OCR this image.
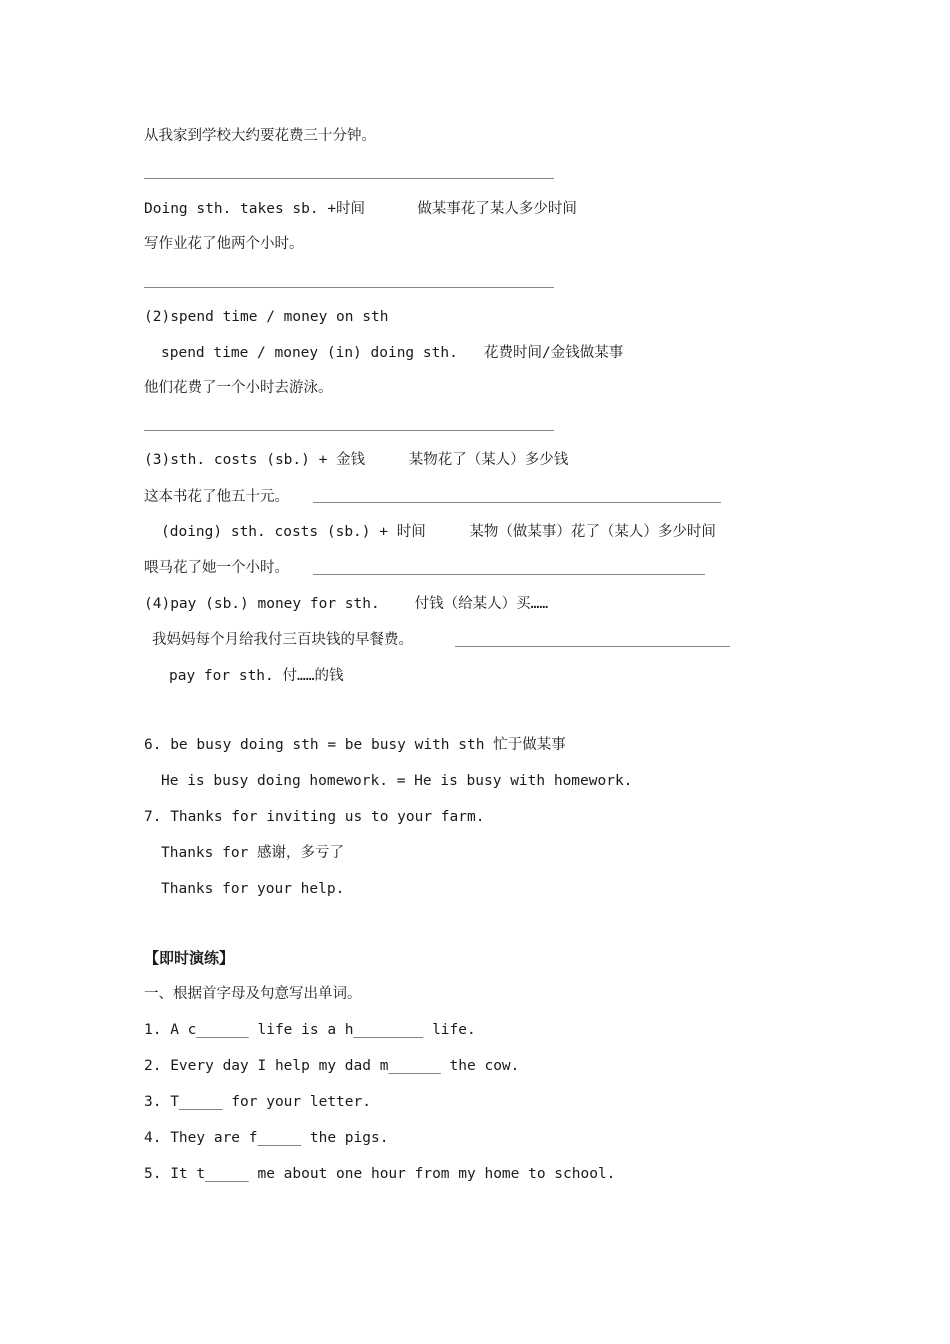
从我家到学校大约要花费三十分钟。
Doing sth. takes sb. +时间      做某事花了某人多少时间
写作业花了他两个小时。
(2)spend time / money on sth
spend time / money (in) doing sth.   花费时间/金钱做某事
他们花费了一个小时去游泳。
(3)sth. costs (sb.) + 金钱     某物花了（某人）多少钱
这本书花了他五十元。
(doing) sth. costs (sb.) + 时间     某物（做某事）花了（某人）多少时间
喂马花了她一个小时。
(4)pay (sb.) money for sth.    付钱（给某人）买……
我妈妈每个月给我付三百块钱的早餐费。
pay for sth. 付……的钱
6. be busy doing sth = be busy with sth 忙于做某事
He is busy doing homework. = He is busy with homework.
7. Thanks for inviting us to your farm.
Thanks for 感谢，多亏了
Thanks for your help.
【即时演练】
一、根据首字母及句意写出单词。
1. A c______ life is a h________ life.
2. Every day I help my dad m______ the cow.
3. T_____ for your letter.
4. They are f_____ the pigs.
5. It t_____ me about one hour from my home to school.
